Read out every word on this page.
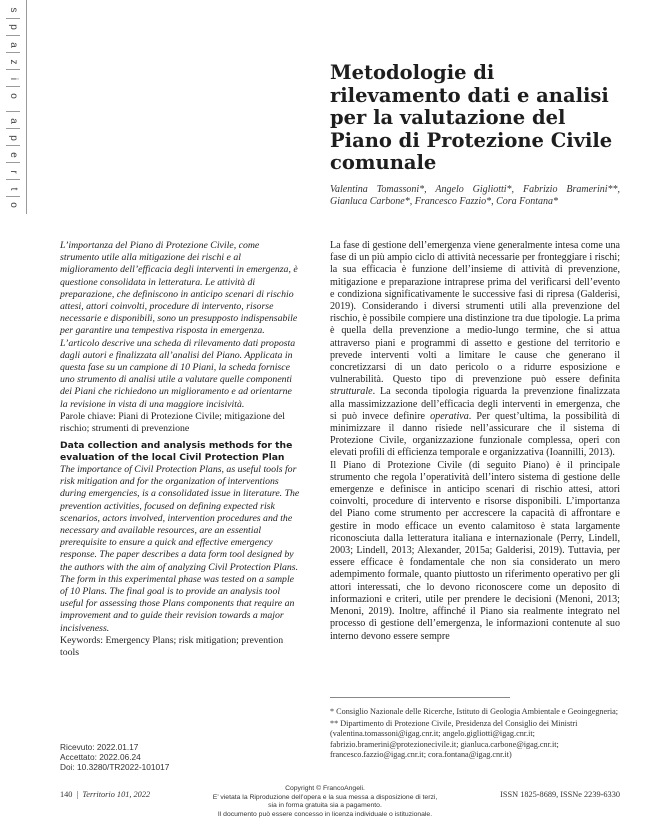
s
p
a
z
i
o
a
p
e
r
t
o
Metodologie di rilevamento dati e analisi per la valutazione del Piano di Protezione Civile comunale
Valentina Tomassoni*, Angelo Gigliotti*, Fabrizio Bramerini**, Gianluca Carbone*, Francesco Fazzio*, Cora Fontana*
L’importanza del Piano di Protezione Civile, come strumento utile alla mitigazione dei rischi e al miglioramento dell’efficacia degli interventi in emergenza, è questione consolidata in letteratura. Le attività di preparazione, che definiscono in anticipo scenari di rischio attesi, attori coinvolti, procedure di intervento, risorse necessarie e disponibili, sono un presupposto indispensabile per garantire una tempestiva risposta in emergenza. L’articolo descrive una scheda di rilevamento dati proposta dagli autori e finalizzata all’analisi del Piano. Applicata in questa fase su un campione di 10 Piani, la scheda fornisce uno strumento di analisi utile a valutare quelle componenti dei Piani che richiedono un miglioramento e ad orientarne la revisione in vista di una maggiore incisività.
Parole chiave: Piani di Protezione Civile; mitigazione del rischio; strumenti di prevenzione

Data collection and analysis methods for the evaluation of the local Civil Protection Plan

The importance of Civil Protection Plans, as useful tools for risk mitigation and for the organization of interventions during emergencies, is a consolidated issue in literature. The prevention activities, focused on defining expected risk scenarios, actors involved, intervention procedures and the necessary and available resources, are an essential prerequisite to ensure a quick and effective emergency response. The paper describes a data form tool designed by the authors with the aim of analyzing Civil Protection Plans. The form in this experimental phase was tested on a sample of 10 Plans. The final goal is to provide an analysis tool useful for assessing those Plans components that require an improvement and to guide their revision towards a major incisiveness.
Keywords: Emergency Plans; risk mitigation; prevention tools

La fase di gestione dell’emergenza viene generalmente intesa come una fase di un più ampio ciclo di attività necessarie per fronteggiare i rischi; la sua efficacia è funzione dell’insieme di attività di prevenzione, mitigazione e preparazione intraprese prima del verificarsi dell’evento e condiziona significativamente le successive fasi di ripresa (Galderisi, 2019). Considerando i diversi strumenti utili alla prevenzione del rischio, è possibile compiere una distinzione tra due tipologie. La prima è quella della prevenzione a medio-lungo termine, che si attua attraverso piani e programmi di assetto e gestione del territorio e prevede interventi volti a limitare le cause che generano il concretizzarsi di un dato pericolo o a ridurre esposizione e vulnerabilità. Questo tipo di prevenzione può essere definita strutturale. La seconda tipologia riguarda la prevenzione finalizzata alla massimizzazione dell’efficacia degli interventi in emergenza, che si può invece definire operativa. Per quest’ultima, la possibilità di minimizzare il danno risiede nell’assicurare che il sistema di Protezione Civile, organizzazione funzionale complessa, operi con elevati profili di efficienza temporale e organizzativa (Ioannilli, 2013).

Il Piano di Protezione Civile (di seguito Piano) è il principale strumento che regola l’operatività dell’intero sistema di gestione delle emergenze e definisce in anticipo scenari di rischio attesi, attori coinvolti, procedure di intervento e risorse disponibili. L’importanza del Piano come strumento per accrescere la capacità di affrontare e gestire in modo efficace un evento calamitoso è stata largamente riconosciuta dalla letteratura italiana e internazionale (Perry, Lindell, 2003; Lindell, 2013; Alexander, 2015a; Galderisi, 2019). Tuttavia, per essere efficace è fondamentale che non sia considerato un mero adempimento formale, quanto piuttosto un riferimento operativo per gli attori interessati, che lo devono riconoscere come un deposito di informazioni e criteri, utile per prendere le decisioni (Menoni, 2013; Menoni, 2019). Inoltre, affinché il Piano sia realmente integrato nel processo di gestione dell’emergenza, le informazioni contenute al suo interno devono essere sempre

* Consiglio Nazionale delle Ricerche, Istituto di Geologia Ambientale e Geoingegneria;

** Dipartimento di Protezione Civile, Presidenza del Consiglio dei Ministri (valentina.tomassoni@igag.cnr.it; angelo.gigliotti@igag.cnr.it; fabrizio.bramerini@protezionecivile.it; gianluca.carbone@igag.cnr.it; francesco.fazzio@igag.cnr.it; cora.fontana@igag.cnr.it)

Ricevuto: 2022.01.17
Accettato: 2022.06.24
Doi: 10.3280/TR2022-101017
140  |  Territorio 101, 2022
Copyright © FrancoAngeli.
E’ vietata la Riproduzione dell’opera e la sua messa a disposizione di terzi,
sia in forma gratuita sia a pagamento.
Il documento può essere concesso in licenza individuale o istituzionale.
ISSN 1825-8689, ISSNe 2239-6330
